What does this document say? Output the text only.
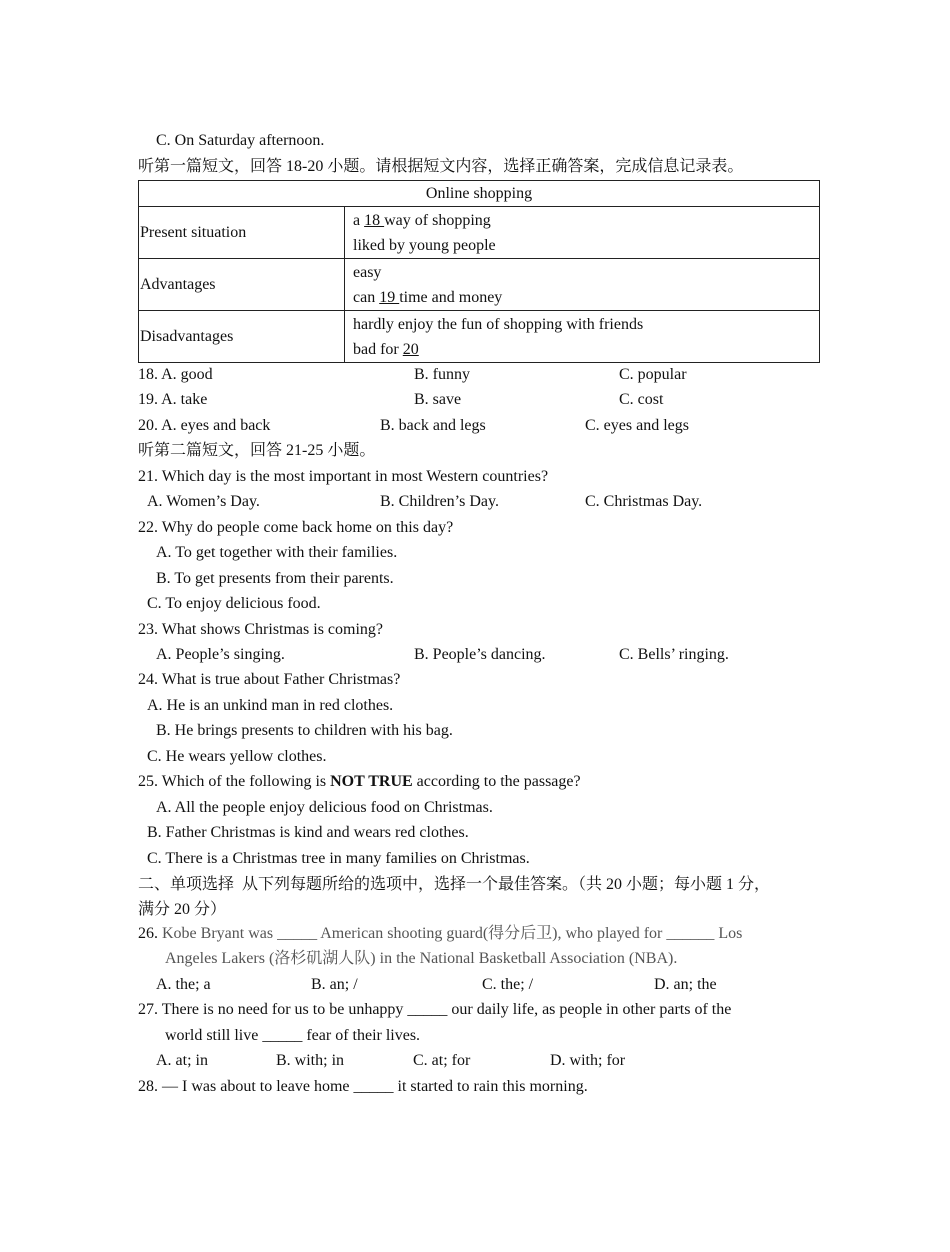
C. On Saturday afternoon.
听第一篇短文，回答 18-20 小题。请根据短文内容，选择正确答案，完成信息记录表。
Online shopping	
Present situation	a 18 way of shopping
liked by young people

Advantages	easy
can 19 time and money

Disadvantages	hardly enjoy the fun of shopping with friends
bad for 20
18. A. good	B. funny	C. popular
19. A. take	B. save	C. cost
20. A. eyes and back	B. back and legs	C. eyes and legs
听第二篇短文，回答 21-25 小题。
21. Which day is the most important in most Western countries?
A. Women’s Day.	B. Children’s Day.	C. Christmas Day.
22. Why do people come back home on this day?
A. To get together with their families.
B. To get presents from their parents.
C. To enjoy delicious food.
23. What shows Christmas is coming?
A. People’s singing.	B. People’s dancing.	C. Bells’ ringing.
24. What is true about Father Christmas?
A. He is an unkind man in red clothes.
B. He brings presents to children with his bag.
C. He wears yellow clothes.
25. Which of the following is NOT TRUE according to the passage?
A. All the people enjoy delicious food on Christmas.
B. Father Christmas is kind and wears red clothes.
C. There is a Christmas tree in many families on Christmas.
二、单项选择  从下列每题所给的选项中，选择一个最佳答案。（共 20 小题；每小题 1 分，
满分 20 分）
26. Kobe Bryant was _____ American shooting guard(得分后卫), who played for ______ Los
Angeles Lakers (洛杉矶湖人队) in the National Basketball Association (NBA).
A. the; a	B. an; /	C. the; /	D. an; the
27. There is no need for us to be unhappy _____ our daily life, as people in other parts of the
world still live _____ fear of their lives.
A. at; in	B. with; in	C. at; for	D. with; for
28. — I was about to leave home _____ it started to rain this morning.
